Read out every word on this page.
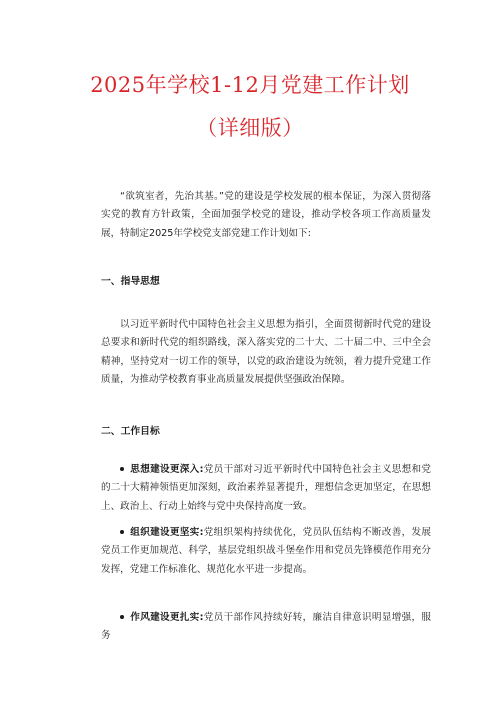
2025年学校1-12月党建工作计划
（详细版）
“欲筑室者，先治其基。”党的建设是学校发展的根本保证，为深入贯彻落实党的教育方针政策，全面加强学校党的建设，推动学校各项工作高质量发展，特制定2025年学校党支部党建工作计划如下:
一、指导思想
以习近平新时代中国特色社会主义思想为指引，全面贯彻新时代党的建设总要求和新时代党的组织路线，深入落实党的二十大、二十届二中、三中全会精神，坚持党对一切工作的领导，以党的政治建设为统领，着力提升党建工作质量，为推动学校教育事业高质量发展提供坚强政治保障。
二、工作目标
思想建设更深入:党员干部对习近平新时代中国特色社会主义思想和党的二十大精神领悟更加深刻，政治素养显著提升，理想信念更加坚定，在思想上、政治上、行动上始终与党中央保持高度一致。
组织建设更坚实:党组织架构持续优化，党员队伍结构不断改善，发展党员工作更加规范、科学，基层党组织战斗堡垒作用和党员先锋模范作用充分发挥，党建工作标准化、规范化水平进一步提高。
作风建设更扎实:党员干部作风持续好转，廉洁自律意识明显增强，服务
